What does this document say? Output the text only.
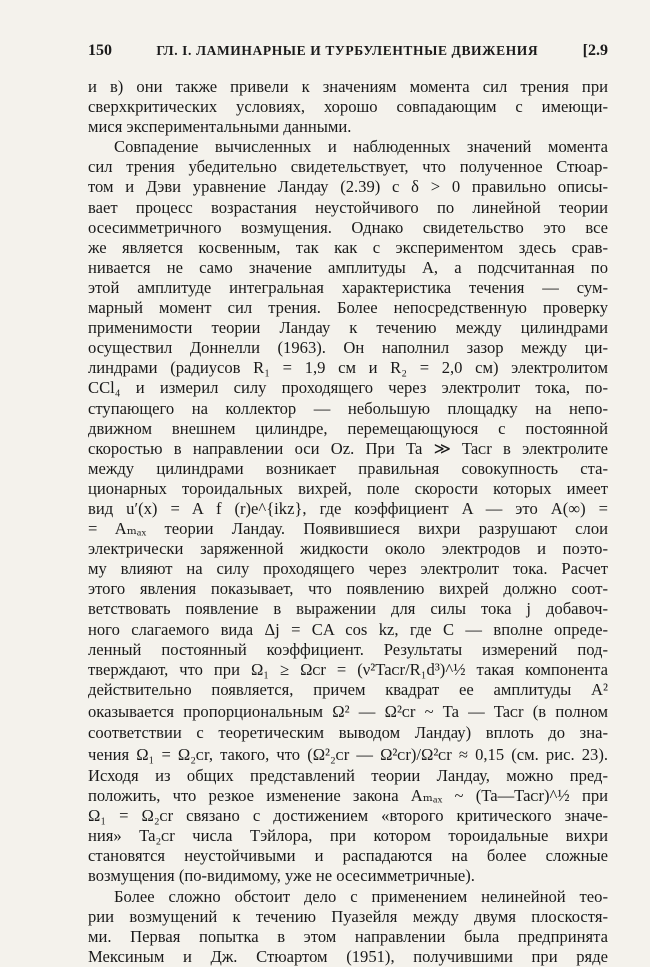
150	ГЛ. I. ЛАМИНАРНЫЕ И ТУРБУЛЕНТНЫЕ ДВИЖЕНИЯ	[2.9
и в) они также привели к значениям момента сил трения при
сверхкритических условиях, хорошо совпадающим с имеющи-
мися экспериментальными данными.
Совпадение вычисленных и наблюденных значений момента
сил трения убедительно свидетельствует, что полученное Стюар-
том и Дэви уравнение Ландау (2.39) с δ > 0 правильно описы-
вает процесс возрастания неустойчивого по линейной теории
осесимметричного возмущения. Однако свидетельство это все
же является косвенным, так как с экспериментом здесь срав-
нивается не само значение амплитуды A, а подсчитанная по
этой амплитуде интегральная характеристика течения — сум-
марный момент сил трения. Более непосредственную проверку
применимости теории Ландау к течению между цилиндрами
осуществил Доннелли (1963). Он наполнил зазор между ци-
линдрами (радиусов R₁ = 1,9 см и R₂ = 2,0 см) электролитом
CCl₄ и измерил силу проходящего через электролит тока, по-
ступающего на коллектор — небольшую площадку на непо-
движном внешнем цилиндре, перемещающуюся с постоянной
скоростью в направлении оси Oz. При Ta ≫ Taᴄr в электролите
между цилиндрами возникает правильная совокупность ста-
ционарных тороидальных вихрей, поле скорости которых имеет
вид u′(x) = A f (r)e^{ikz}, где коэффициент A — это A(∞) =
= Aₘₐₓ теории Ландау. Появившиеся вихри разрушают слои
электрически заряженной жидкости около электродов и поэто-
му влияют на силу проходящего через электролит тока. Расчет
этого явления показывает, что появлению вихрей должно соот-
ветствовать появление в выражении для силы тока j добавоч-
ного слагаемого вида Δj = CA cos kz, где C — вполне опреде-
ленный постоянный коэффициент. Результаты измерений под-
тверждают, что при Ω₁ ≥ Ωᴄr = (ν²Taᴄr/R₁d³)^½ такая компонента
действительно появляется, причем квадрат ее амплитуды A²
оказывается пропорциональным Ω² — Ω²ᴄr ~ Ta — Taᴄr (в полном
соответствии с теоретическим выводом Ландау) вплоть до зна-
чения Ω₁ = Ω₂ᴄr, такого, что (Ω²₂ᴄr — Ω²ᴄr)/Ω²ᴄr ≈ 0,15 (см. рис. 23).
Исходя из общих представлений теории Ландау, можно пред-
положить, что резкое изменение закона Aₘₐₓ ~ (Ta—Taᴄr)^½ при
Ω₁ = Ω₂ᴄr связано с достижением «второго критического значе-
ния» Ta₂ᴄr числа Тэйлора, при котором тороидальные вихри
становятся неустойчивыми и распадаются на более сложные
возмущения (по-видимому, уже не осесимметричные).
Более сложно обстоит дело с применением нелинейной тео-
рии возмущений к течению Пуазейля между двумя плоскостя-
ми. Первая попытка в этом направлении была предпринята
Мексиным и Дж. Стюартом (1951), получившими при ряде
